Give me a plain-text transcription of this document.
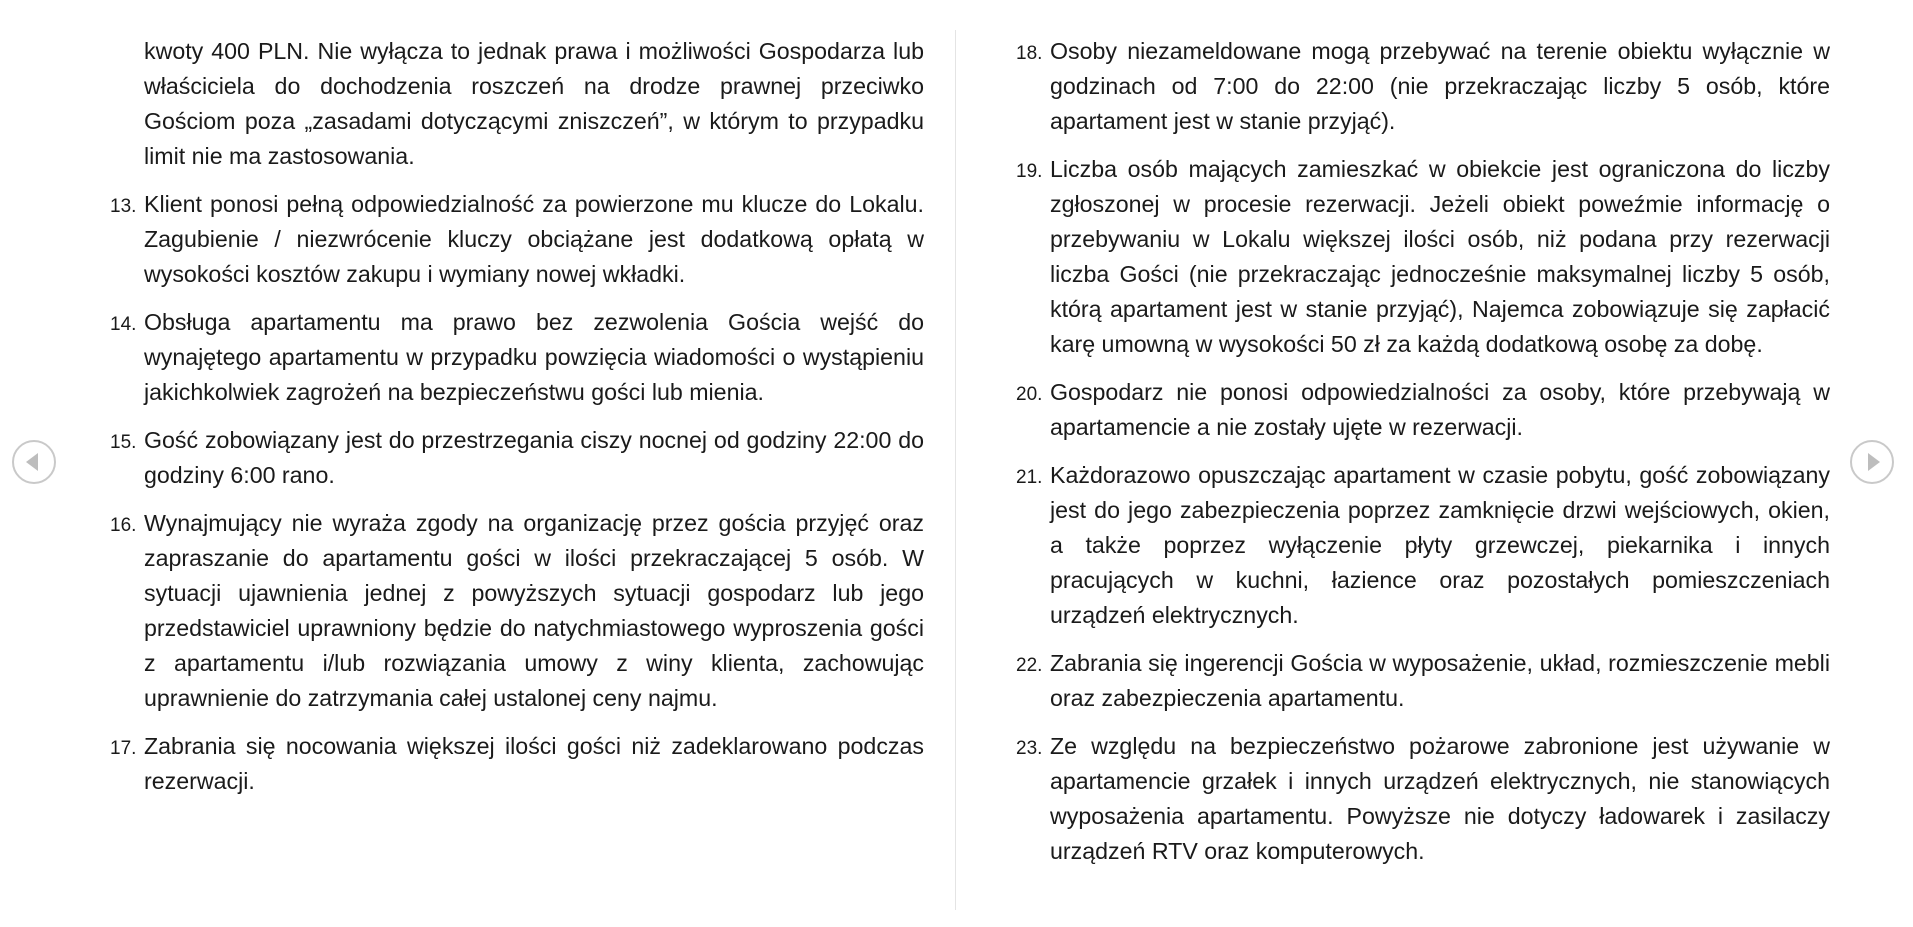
kwoty 400 PLN. Nie wyłącza to jednak prawa i możliwości Gospodarza lub właściciela do dochodzenia roszczeń na drodze prawnej przeciwko Gościom poza „zasadami dotyczącymi zniszczeń”, w którym to przypadku limit nie ma zastosowania.

13. Klient ponosi pełną odpowiedzialność za powierzone mu klucze do Lokalu. Zagubienie / niezwrócenie kluczy obciążane jest dodatkową opłatą w wysokości kosztów zakupu i wymiany nowej wkładki.
14. Obsługa apartamentu ma prawo bez zezwolenia Gościa wejść do wynajętego apartamentu w przypadku powzięcia wiadomości o wystąpieniu jakichkolwiek zagrożeń na bezpieczeństwu gości lub mienia.
15. Gość zobowiązany jest do przestrzegania ciszy nocnej od godziny 22:00 do godziny 6:00 rano.
16. Wynajmujący nie wyraża zgody na organizację przez gościa przyjęć oraz zapraszanie do apartamentu gości w ilości przekraczającej 5 osób. W sytuacji ujawnienia jednej z powyższych sytuacji gospodarz lub jego przedstawiciel uprawniony będzie do natychmiastowego wyproszenia gości z apartamentu i/lub rozwiązania umowy z winy klienta, zachowując uprawnienie do zatrzymania całej ustalonej ceny najmu.
17. Zabrania się nocowania większej ilości gości niż zadeklarowano podczas rezerwacji.
18. Osoby niezameldowane mogą przebywać na terenie obiektu wyłącznie w godzinach od 7:00 do 22:00 (nie przekraczając liczby 5 osób, które apartament jest w stanie przyjąć).
19. Liczba osób mających zamieszkać w obiekcie jest ograniczona do liczby zgłoszonej w procesie rezerwacji. Jeżeli obiekt poweźmie informację o przebywaniu w Lokalu większej ilości osób, niż podana przy rezerwacji liczba Gości (nie przekraczając jednocześnie maksymalnej liczby 5 osób, którą apartament jest w stanie przyjąć), Najemca zobowiązuje się zapłacić karę umowną w wysokości 50 zł za każdą dodatkową osobę za dobę.
20. Gospodarz nie ponosi odpowiedzialności za osoby, które przebywają w apartamencie a nie zostały ujęte w rezerwacji.
21. Każdorazowo opuszczając apartament w czasie pobytu, gość zobowiązany jest do jego zabezpieczenia poprzez zamknięcie drzwi wejściowych, okien, a także poprzez wyłączenie płyty grzewczej, piekarnika i innych pracujących w kuchni, łazience oraz pozostałych pomieszczeniach urządzeń elektrycznych.
22. Zabrania się ingerencji Gościa w wyposażenie, układ, rozmieszczenie mebli oraz zabezpieczenia apartamentu.
23. Ze względu na bezpieczeństwo pożarowe zabronione jest używanie w apartamencie grzałek i innych urządzeń elektrycznych, nie stanowiących wyposażenia apartamentu. Powyższe nie dotyczy ładowarek i zasilaczy urządzeń RTV oraz komputerowych.
